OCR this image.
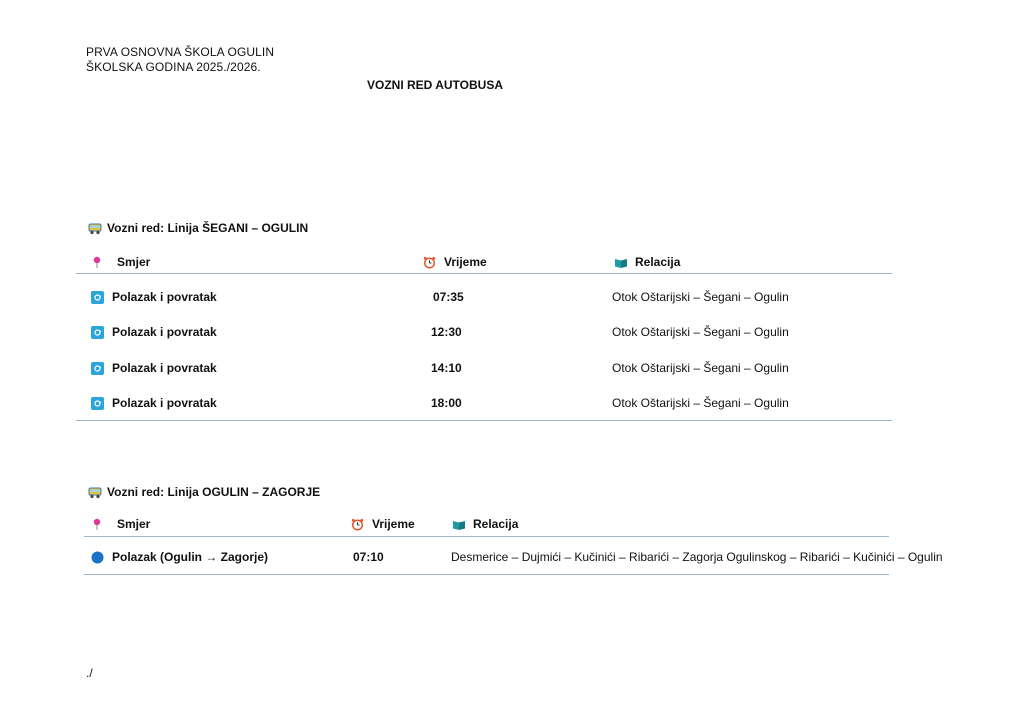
PRVA OSNOVNA ŠKOLA OGULIN
ŠKOLSKA GODINA 2025./2026.
VOZNI RED AUTOBUSA
Vozni red: Linija ŠEGANI – OGULIN
Smjer	Vrijeme	Relacija
Polazak i povratak	07:35	Otok Oštarijski – Šegani – Ogulin
Polazak i povratak	12:30	Otok Oštarijski – Šegani – Ogulin
Polazak i povratak	14:10	Otok Oštarijski – Šegani – Ogulin
Polazak i povratak	18:00	Otok Oštarijski – Šegani – Ogulin
Vozni red: Linija OGULIN – ZAGORJE
Smjer	Vrijeme	Relacija
Polazak (Ogulin → Zagorje)	07:10	Desmerice – Dujmići – Kučinići – Ribarići – Zagorja Ogulinskog – Ribarići – Kučinići – Ogulin
./
